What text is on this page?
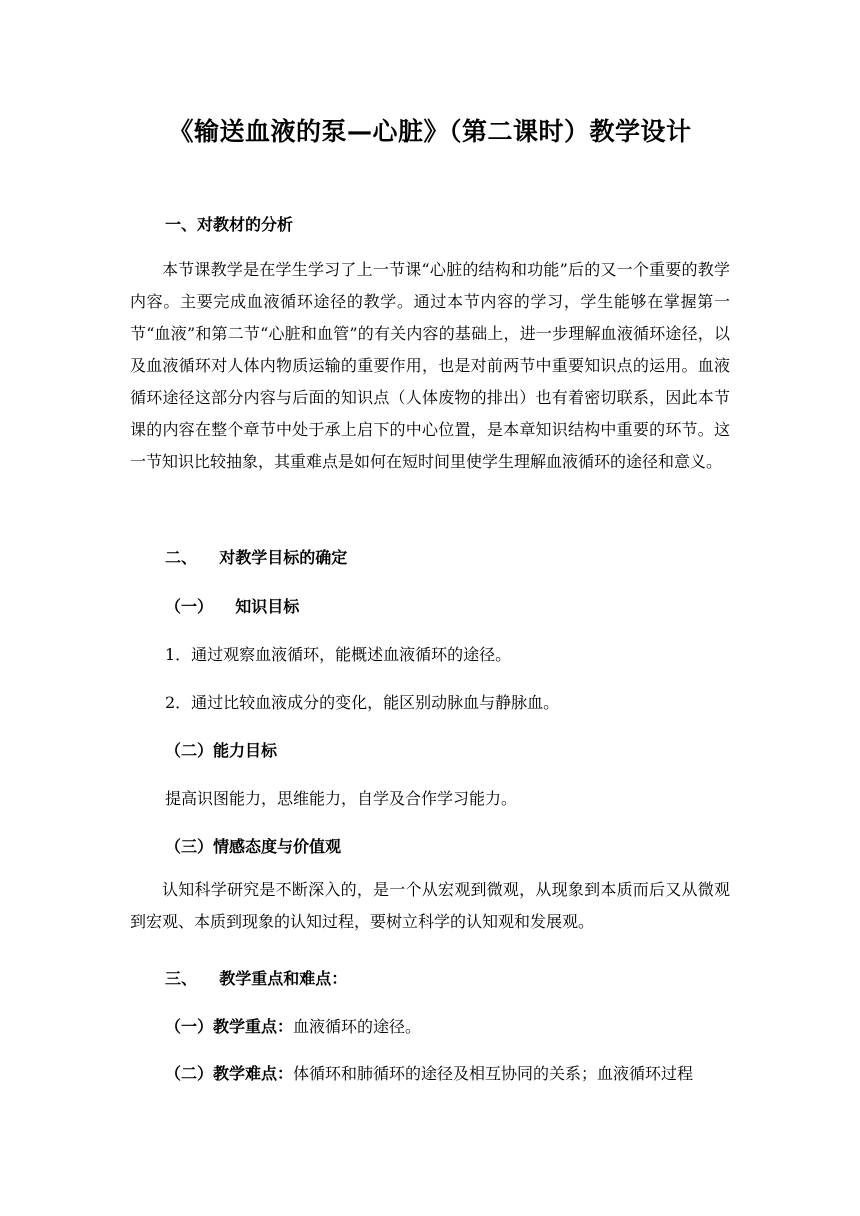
《输送血液的泵—心脏》（第二课时）教学设计
一、对教材的分析
本节课教学是在学生学习了上一节课“心脏的结构和功能”后的又一个重要的教学内容。主要完成血液循环途径的教学。通过本节内容的学习，学生能够在掌握第一节“血液”和第二节“心脏和血管”的有关内容的基础上，进一步理解血液循环途径，以及血液循环对人体内物质运输的重要作用，也是对前两节中重要知识点的运用。血液循环途径这部分内容与后面的知识点（人体废物的排出）也有着密切联系，因此本节课的内容在整个章节中处于承上启下的中心位置，是本章知识结构中重要的环节。这一节知识比较抽象，其重难点是如何在短时间里使学生理解血液循环的途径和意义。
二、    对教学目标的确定
（一）    知识目标
1．通过观察血液循环，能概述血液循环的途径。
2．通过比较血液成分的变化，能区别动脉血与静脉血。
（二）能力目标
提高识图能力，思维能力，自学及合作学习能力。
（三）情感态度与价值观
认知科学研究是不断深入的，是一个从宏观到微观，从现象到本质而后又从微观到宏观、本质到现象的认知过程，要树立科学的认知观和发展观。
三、    教学重点和难点：
（一）教学重点：血液循环的途径。
（二）教学难点：体循环和肺循环的途径及相互协同的关系；血液循环过程
